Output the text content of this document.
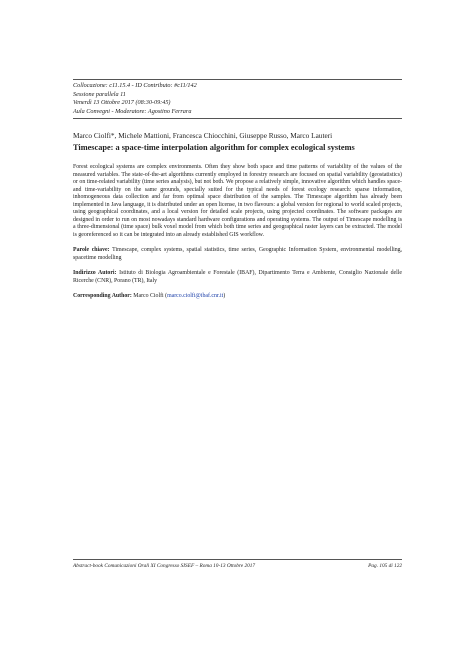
Collocazione: c11.15.4 - ID Contributo: #c11/142
Sessione parallela 11
Venerdì 13 Ottobre 2017 (08:30-09:45)
Aula Convegni - Moderatore: Agostino Ferrara
Marco Ciolfi*, Michele Mattioni, Francesca Chiocchini, Giuseppe Russo, Marco Lauteri
Timescape: a space-time interpolation algorithm for complex ecological systems
Forest ecological systems are complex environments. Often they show both space and time patterns of variability of the values of the measured variables. The state-of-the-art algorithms currently employed in forestry research are focused on spatial variability (geostatistics) or on time-related variability (time series analysis), but not both. We propose a relatively simple, innovative algorithm which handles space- and time-variability on the same grounds, specially suited for the typical needs of forest ecology research: sparse information, inhomogeneous data collection and far from optimal space distribution of the samples. The Timescape algorithm has already been implemented in Java language, it is distributed under an open license, in two flavours: a global version for regional to world scaled projects, using geographical coordinates, and a local version for detailed scale projects, using projected coordinates. The software packages are designed in order to run on most nowadays standard hardware configurations and operating systems. The output of Timescape modelling is a three-dimensional (time space) bulk voxel model from which both time series and geographical raster layers can be extracted. The model is georeferenced so it can be integrated into an already established GIS workflow.
Parole chiave: Timescape, complex systems, spatial statistics, time series, Geographic Information System, environmental modelling, spacetime modelling
Indirizzo Autori: Istituto di Biologia Agroambientale e Forestale (IBAF), Dipartimento Terra e Ambiente, Consiglio Nazionale delle Ricerche (CNR), Porano (TR), Italy
Corresponding Author: Marco Ciolfi (marco.ciolfi@ibaf.cnr.it)
Abstract-book Comunicazioni Orali XI Congresso SISEF – Roma 10-13 Ottobre 2017	Pag. 105 di 122
